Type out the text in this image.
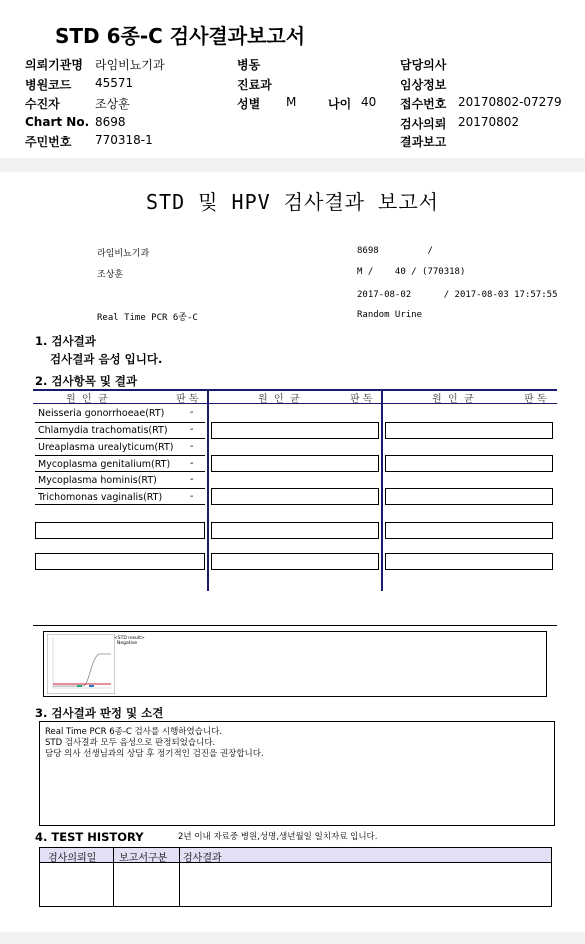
STD 6종-C 검사결과보고서
의뢰기관명 라임비뇨기과
병원코드 45571
수진자	조상훈
Chart No. 8698
주민번호 770318-1
병동
진료과
성별 M	나이 40
담당의사
임상정보
접수번호 20170802-07279
검사의뢰 20170802
결과보고
STD 및 HPV 검사결과 보고서
라임비뇨기과	8698         /
조상훈	M /    40 / (770318)
2017-08-02      / 2017-08-03 17:57:55
Real Time PCR 6종-C	Random Urine
1. 검사결과
검사결과 음성 입니다.
2. 검사항목 및 결과
원  인  균	판 독	원  인  균	판 독	원  인  균	판 독
Neisseria gonorrhoeae(RT)	-
Chlamydia trachomatis(RT) -
Ureaplasma urealyticum(RT) -
Mycoplasma genitalium(RT) -
Mycoplasma hominis(RT)	-
Trichomonas vaginalis(RT)	-
<STD result>
Negative
3. 검사결과 판정 및 소견
Real Time PCR 6종-C 검사를 시행하였습니다.
STD 검사결과 모두 음성으로 판정되었습니다.
담당 의사 선생님과의 상담 후 정기적인 검진을 권장합니다.
4. TEST HISTORY	2년 이내 자료중 병원,성명,생년월일 일치자료 입니다.
검사의뢰일 보고서구분 검사결과
